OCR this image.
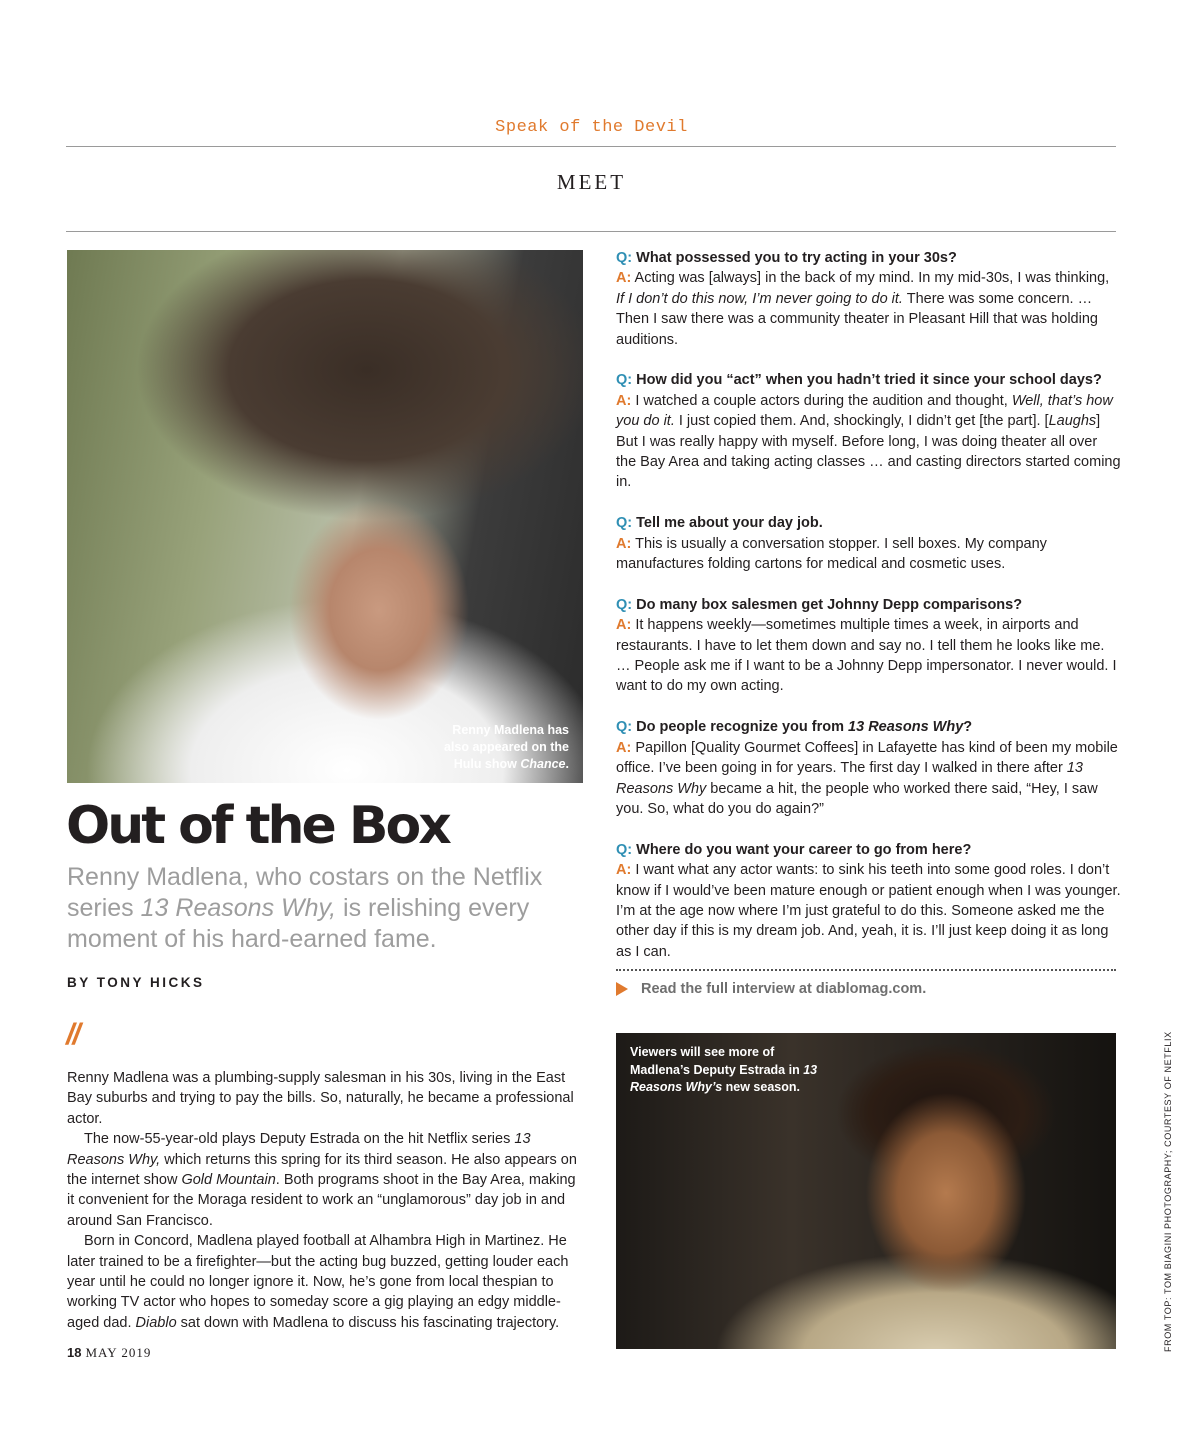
Speak of the Devil
MEET
Renny Madlena has also appeared on the Hulu show Chance.
Out of the Box
Renny Madlena, who costars on the Netflix series 13 Reasons Why, is relishing every moment of his hard-earned fame.
BY TONY HICKS
//

Renny Madlena was a plumbing-supply salesman in his 30s, living in the East Bay suburbs and trying to pay the bills. So, naturally, he became a professional actor.

The now-55-year-old plays Deputy Estrada on the hit Netflix series 13 Reasons Why, which returns this spring for its third season. He also appears on the internet show Gold Mountain. Both programs shoot in the Bay Area, making it convenient for the Moraga resident to work an “unglamorous” day job in and around San Francisco.

Born in Concord, Madlena played football at Alhambra High in Martinez. He later trained to be a firefighter—but the acting bug buzzed, getting louder each year until he could no longer ignore it. Now, he’s gone from local thespian to working TV actor who hopes to someday score a gig playing an edgy middle-aged dad. Diablo sat down with Madlena to discuss his fascinating trajectory.

Q: What possessed you to try acting in your 30s?
A: Acting was [always] in the back of my mind. In my mid-30s, I was thinking, If I don’t do this now, I’m never going to do it. There was some concern. … Then I saw there was a community theater in Pleasant Hill that was holding auditions.
Q: How did you “act” when you hadn’t tried it since your school days?
A: I watched a couple actors during the audition and thought, Well, that’s how you do it. I just copied them. And, shockingly, I didn’t get [the part]. [Laughs] But I was really happy with myself. Before long, I was doing theater all over the Bay Area and taking acting classes … and casting directors started coming in.
Q: Tell me about your day job.
A: This is usually a conversation stopper. I sell boxes. My company manufactures folding cartons for medical and cosmetic uses.
Q: Do many box salesmen get Johnny Depp comparisons?
A: It happens weekly—sometimes multiple times a week, in airports and restaurants. I have to let them down and say no. I tell them he looks like me. … People ask me if I want to be a Johnny Depp impersonator. I never would. I want to do my own acting.
Q: Do people recognize you from 13 Reasons Why?
A: Papillon [Quality Gourmet Coffees] in Lafayette has kind of been my mobile office. I’ve been going in for years. The first day I walked in there after 13 Reasons Why became a hit, the people who worked there said, “Hey, I saw you. So, what do you do again?”
Q: Where do you want your career to go from here?
A: I want what any actor wants: to sink his teeth into some good roles. I don’t know if I would’ve been mature enough or patient enough when I was younger. I’m at the age now where I’m just grateful to do this. Someone asked me the other day if this is my dream job. And, yeah, it is. I’ll just keep doing it as long as I can.
Read the full interview at diablomag.com.
Viewers will see more of Madlena’s Deputy Estrada in 13 Reasons Why’s new season.	FROM TOP: TOM BIAGINI PHOTOGRAPHY; COURTESY OF NETFLIX
18 MAY 2019
